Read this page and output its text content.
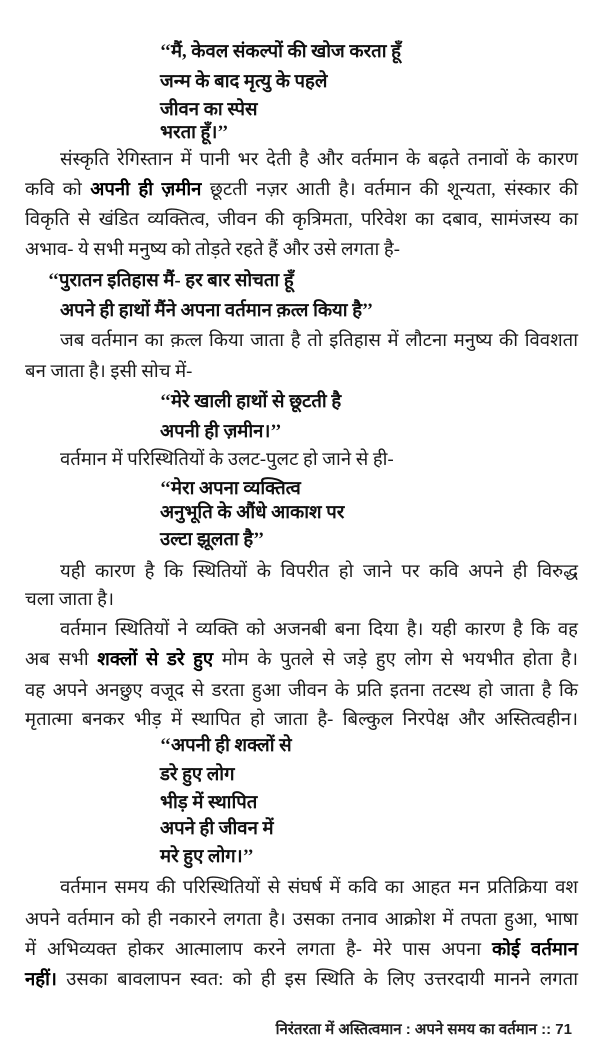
‘‘मैं, केवल संकल्पों की खोज करता हूँ
जन्म के बाद मृत्यु के पहले
जीवन का स्पेस
भरता हूँ।’’
संस्कृति रेगिस्तान में पानी भर देती है और वर्तमान के बढ़ते तनावों के कारण
कवि को अपनी ही ज़मीन छूटती नज़र आती है। वर्तमान की शून्यता, संस्कार की
विकृति से खंडित व्यक्तित्व, जीवन की कृत्रिमता, परिवेश का दबाव, सामंजस्य का
अभाव- ये सभी मनुष्य को तोड़ते रहते हैं और उसे लगता है-
‘‘पुरातन इतिहास मैं- हर बार सोचता हूँ
अपने ही हाथों मैंने अपना वर्तमान क़त्ल किया है’’
जब वर्तमान का क़त्ल किया जाता है तो इतिहास में लौटना मनुष्य की विवशता
बन जाता है। इसी सोच में-
‘‘मेरे खाली हाथों से छूटती है
अपनी ही ज़मीन।’’
वर्तमान में परिस्थितियों के उलट-पुलट हो जाने से ही-
‘‘मेरा अपना व्यक्तित्व
अनुभूति के औंधे आकाश पर
उल्टा झूलता है’’
यही कारण है कि स्थितियों के विपरीत हो जाने पर कवि अपने ही विरुद्ध
चला जाता है।
वर्तमान स्थितियों ने व्यक्ति को अजनबी बना दिया है। यही कारण है कि वह
अब सभी शक्लों से डरे हुए मोम के पुतले से जड़े हुए लोग से भयभीत होता है।
वह अपने अनछुए वजूद से डरता हुआ जीवन के प्रति इतना तटस्थ हो जाता है कि
मृतात्मा बनकर भीड़ में स्थापित हो जाता है- बिल्कुल निरपेक्ष और अस्तित्वहीन।
‘‘अपनी ही शक्लों से
डरे हुए लोग
भीड़ में स्थापित
अपने ही जीवन में
मरे हुए लोग।’’
वर्तमान समय की परिस्थितियों से संघर्ष में कवि का आहत मन प्रतिक्रिया वश
अपने वर्तमान को ही नकारने लगता है। उसका तनाव आक्रोश में तपता हुआ, भाषा
में अभिव्यक्त होकर आत्मालाप करने लगता है- मेरे पास अपना कोई वर्तमान
नहीं। उसका बावलापन स्वत: को ही इस स्थिति के लिए उत्तरदायी मानने लगता
निरंतरता में अस्तित्वमान : अपने समय का वर्तमान :: 71
